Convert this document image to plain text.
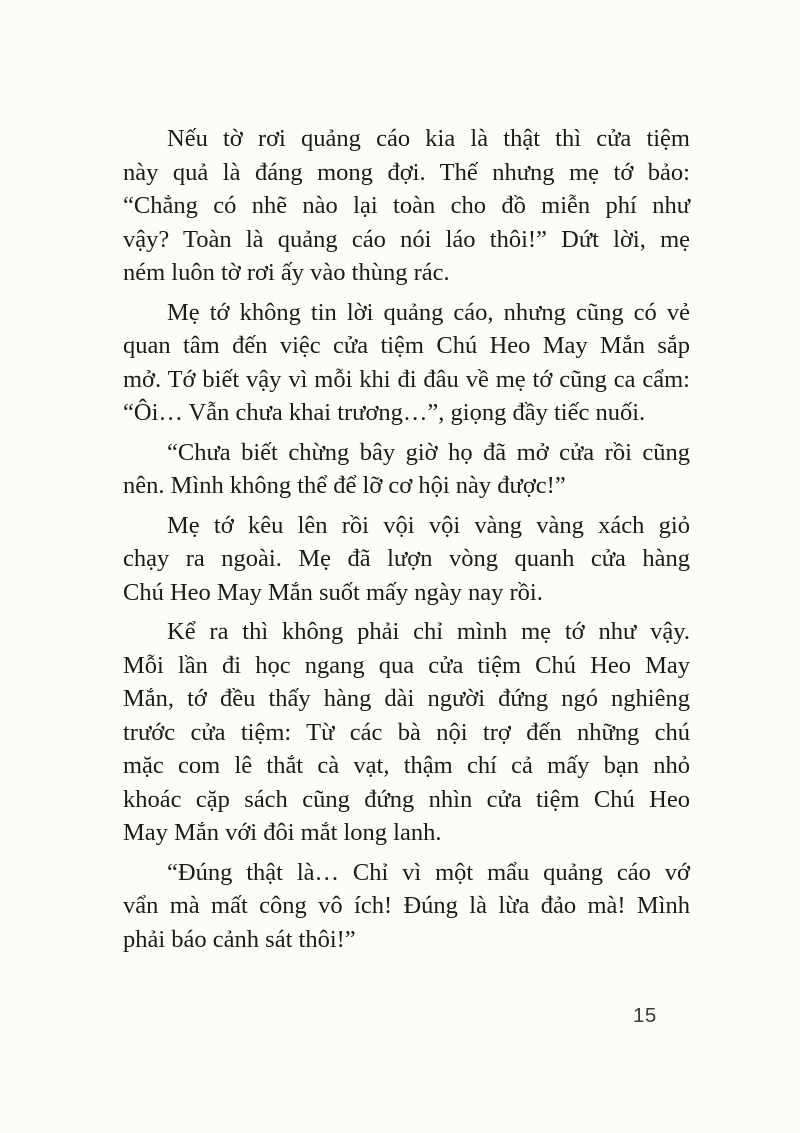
Nếu tờ rơi quảng cáo kia là thật thì cửa tiệm
này quả là đáng mong đợi. Thế nhưng mẹ tớ bảo:
“Chẳng có nhẽ nào lại toàn cho đồ miễn phí như
vậy? Toàn là quảng cáo nói láo thôi!” Dứt lời, mẹ
ném luôn tờ rơi ấy vào thùng rác.
Mẹ tớ không tin lời quảng cáo, nhưng cũng có vẻ
quan tâm đến việc cửa tiệm Chú Heo May Mắn sắp
mở. Tớ biết vậy vì mỗi khi đi đâu về mẹ tớ cũng ca cẩm:
“Ôi… Vẫn chưa khai trương…”, giọng đầy tiếc nuối.
“Chưa biết chừng bây giờ họ đã mở cửa rồi cũng
nên. Mình không thể để lỡ cơ hội này được!”
Mẹ tớ kêu lên rồi vội vội vàng vàng xách giỏ
chạy ra ngoài. Mẹ đã lượn vòng quanh cửa hàng
Chú Heo May Mắn suốt mấy ngày nay rồi.
Kể ra thì không phải chỉ mình mẹ tớ như vậy.
Mỗi lần đi học ngang qua cửa tiệm Chú Heo May
Mắn, tớ đều thấy hàng dài người đứng ngó nghiêng
trước cửa tiệm: Từ các bà nội trợ đến những chú
mặc com lê thắt cà vạt, thậm chí cả mấy bạn nhỏ
khoác cặp sách cũng đứng nhìn cửa tiệm Chú Heo
May Mắn với đôi mắt long lanh.
“Đúng thật là… Chỉ vì một mẩu quảng cáo vớ
vẩn mà mất công vô ích! Đúng là lừa đảo mà! Mình
phải báo cảnh sát thôi!”
15
